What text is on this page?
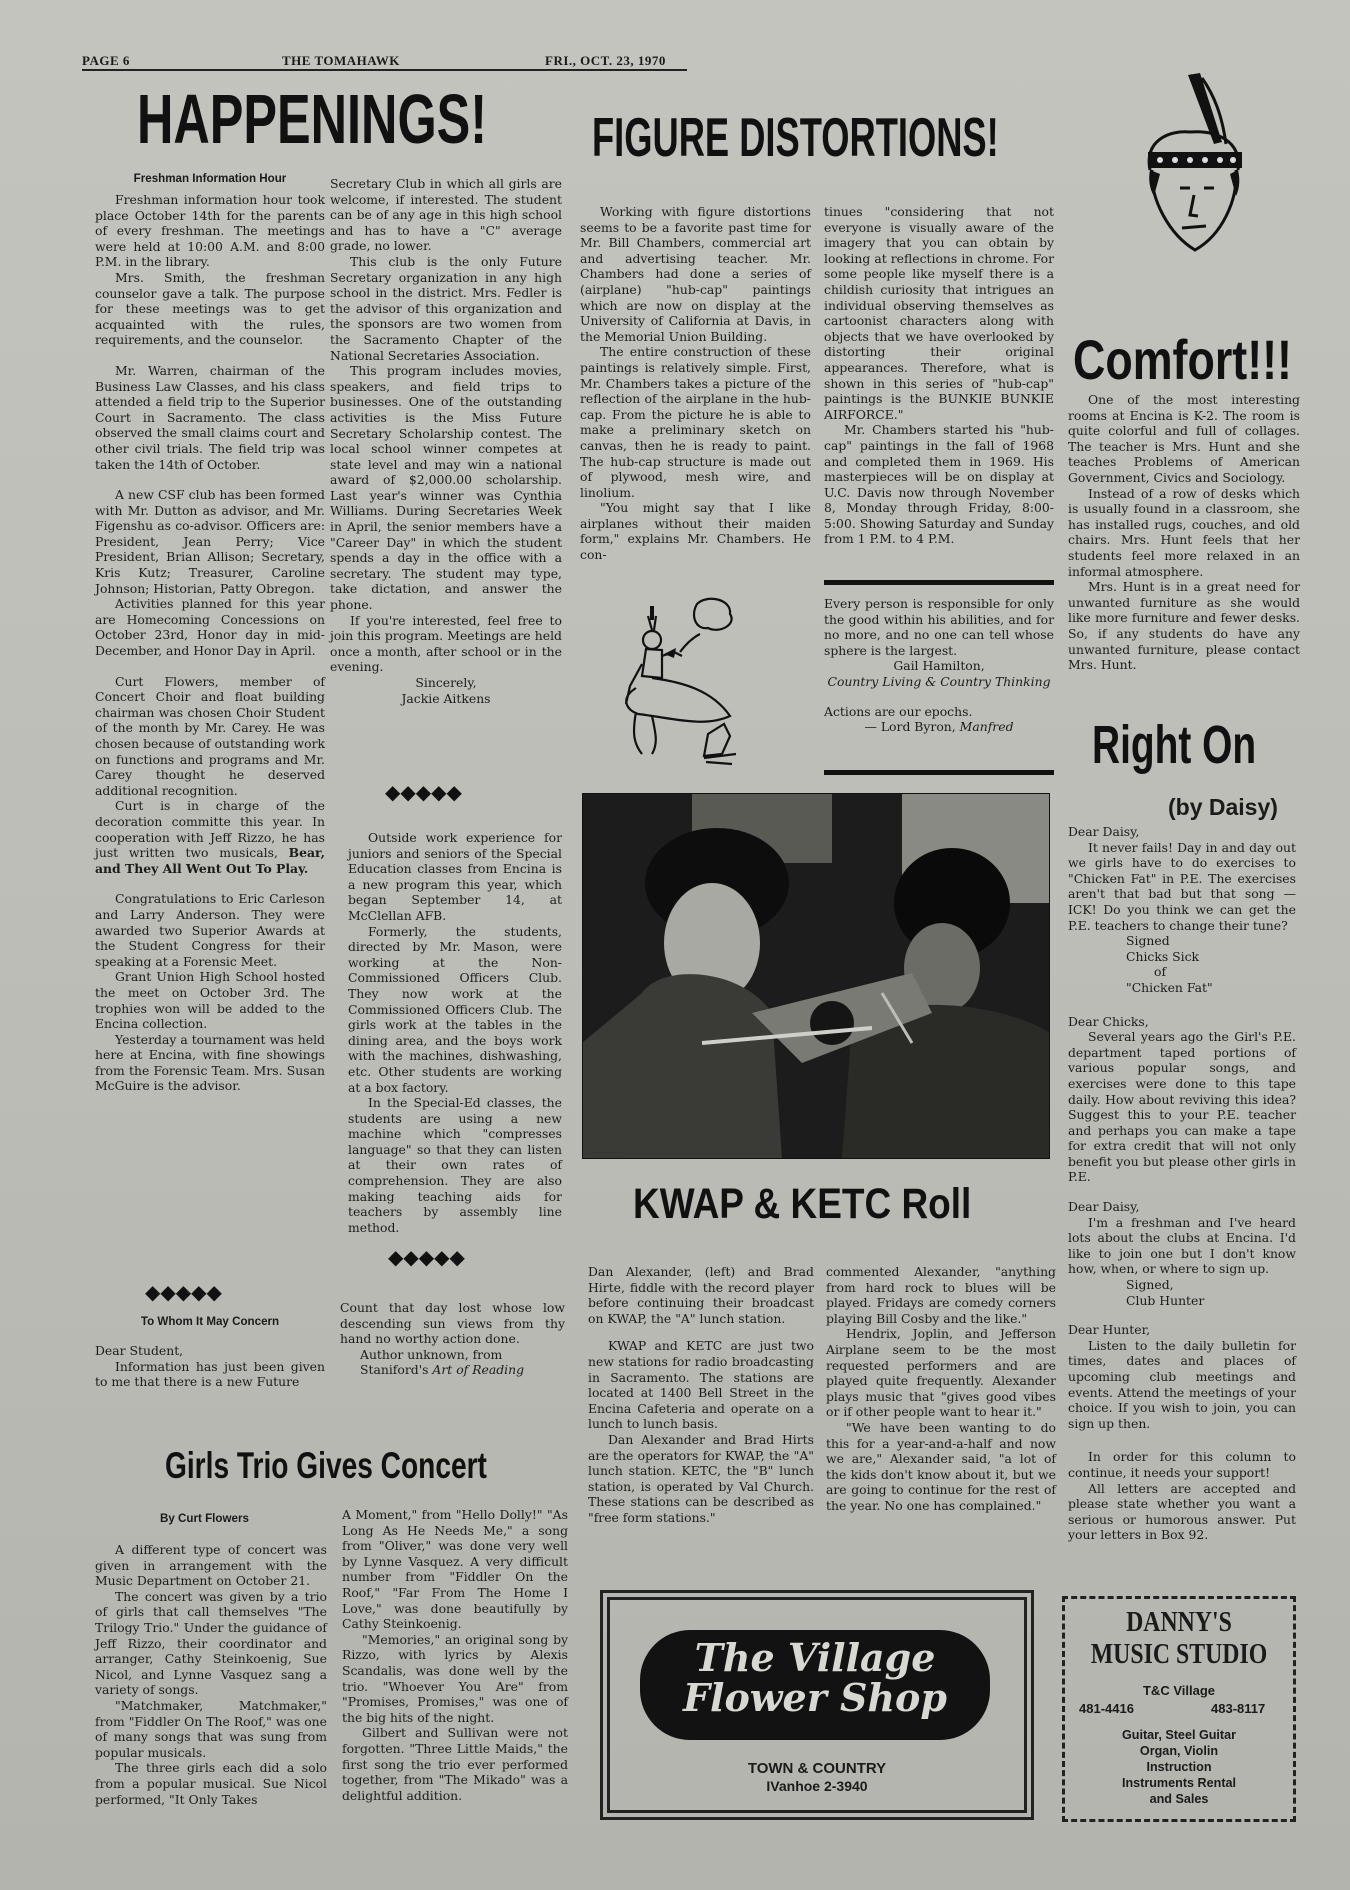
PAGE 6	THE TOMAHAWK	FRI., OCT. 23, 1970
HAPPENINGS!
Freshman Information Hour

Freshman information hour took place October 14th for the parents of every freshman. The meetings were held at 10:00 A.M. and 8:00 P.M. in the library.

Mrs. Smith, the freshman counselor gave a talk. The purpose for these meetings was to get acquainted with the rules, requirements, and the counselor.

Mr. Warren, chairman of the Business Law Classes, and his class attended a field trip to the Superior Court in Sacramento. The class observed the small claims court and other civil trials. The field trip was taken the 14th of October.

A new CSF club has been formed with Mr. Dutton as advisor, and Mr. Figenshu as co-advisor. Officers are: President, Jean Perry; Vice President, Brian Allison; Secretary, Kris Kutz; Treasurer, Caroline Johnson; Historian, Patty Obregon.

Activities planned for this year are Homecoming Concessions on October 23rd, Honor day in mid-December, and Honor Day in April.

Curt Flowers, member of Concert Choir and float building chairman was chosen Choir Student of the month by Mr. Carey. He was chosen because of outstanding work on functions and programs and Mr. Carey thought he deserved additional recognition.

Curt is in charge of the decoration committe this year. In cooperation with Jeff Rizzo, he has just written two musicals, Bear, and They All Went Out To Play.

Congratulations to Eric Carleson and Larry Anderson. They were awarded two Superior Awards at the Student Congress for their speaking at a Forensic Meet.

Grant Union High School hosted the meet on October 3rd. The trophies won will be added to the Encina collection.

Yesterday a tournament was held here at Encina, with fine showings from the Forensic Team. Mrs. Susan McGuire is the advisor.

◆◆◆◆◆
To Whom It May Concern

Dear Student,

Information has just been given to me that there is a new Future

Secretary Club in which all girls are welcome, if interested. The student can be of any age in this high school and has to have a "C" average grade, no lower.

This club is the only Future Secretary organization in any high school in the district. Mrs. Fedler is the advisor of this organization and the sponsors are two women from the Sacramento Chapter of the National Secretaries Association.

This program includes movies, speakers, and field trips to businesses. One of the outstanding activities is the Miss Future Secretary Scholarship contest. The local school winner competes at state level and may win a national award of $2,000.00 scholarship. Last year's winner was Cynthia Williams. During Secretaries Week in April, the senior members have a "Career Day" in which the student spends a day in the office with a secretary. The student may type, take dictation, and answer the phone.

If you're interested, feel free to join this program. Meetings are held once a month, after school or in the evening.

Sincerely,

Jackie Aitkens

◆◆◆◆◆

Outside work experience for juniors and seniors of the Special Education classes from Encina is a new program this year, which began September 14, at McClellan AFB.

Formerly, the students, directed by Mr. Mason, were working at the Non-Commissioned Officers Club. They now work at the Commissioned Officers Club. The girls work at the tables in the dining area, and the boys work with the machines, dishwashing, etc. Other students are working at a box factory.

In the Special-Ed classes, the students are using a new machine which "compresses language" so that they can listen at their own rates of comprehension. They are also making teaching aids for teachers by assembly line method.

◆◆◆◆◆

Count that day lost whose low descending sun views from thy hand no worthy action done.

Author unknown, from

Staniford's Art of Reading

Girls Trio Gives Concert
By Curt Flowers

A different type of concert was given in arrangement with the Music Department on October 21.

The concert was given by a trio of girls that call themselves "The Trilogy Trio." Under the guidance of Jeff Rizzo, their coordinator and arranger, Cathy Steinkoenig, Sue Nicol, and Lynne Vasquez sang a variety of songs.

"Matchmaker, Matchmaker," from "Fiddler On The Roof," was one of many songs that was sung from popular musicals.

The three girls each did a solo from a popular musical. Sue Nicol performed, "It Only Takes

A Moment," from "Hello Dolly!" "As Long As He Needs Me," a song from "Oliver," was done very well by Lynne Vasquez. A very difficult number from "Fiddler On the Roof," "Far From The Home I Love," was done beautifully by Cathy Steinkoenig.

"Memories," an original song by Rizzo, with lyrics by Alexis Scandalis, was done well by the trio. "Whoever You Are" from "Promises, Promises," was one of the big hits of the night.

Gilbert and Sullivan were not forgotten. "Three Little Maids," the first song the trio ever performed together, from "The Mikado" was a delightful addition.

FIGURE DISTORTIONS!

Working with figure distortions seems to be a favorite past time for Mr. Bill Chambers, commercial art and advertising teacher. Mr. Chambers had done a series of (airplane) "hub-cap" paintings which are now on display at the University of California at Davis, in the Memorial Union Building.

The entire construction of these paintings is relatively simple. First, Mr. Chambers takes a picture of the reflection of the airplane in the hub-cap. From the picture he is able to make a preliminary sketch on canvas, then he is ready to paint. The hub-cap structure is made out of plywood, mesh wire, and linolium.

"You might say that I like airplanes without their maiden form," explains Mr. Chambers. He con-

tinues "considering that not everyone is visually aware of the imagery that you can obtain by looking at reflections in chrome. For some people like myself there is a childish curiosity that intrigues an individual observing themselves as cartoonist characters along with objects that we have overlooked by distorting their original appearances. Therefore, what is shown in this series of "hub-cap" paintings is the BUNKIE BUNKIE AIRFORCE."

Mr. Chambers started his "hub-cap" paintings in the fall of 1968 and completed them in 1969. His masterpieces will be on display at U.C. Davis now through November 8, Monday through Friday, 8:00-5:00. Showing Saturday and Sunday from 1 P.M. to 4 P.M.

Every person is responsible for only the good within his abilities, and for no more, and no one can tell whose sphere is the largest.

Gail Hamilton,

Country Living & Country Thinking

Actions are our epochs.

— Lord Byron, Manfred

Dan Alexander and Brad Hirte at the KWAP record player
KWAP & KETC Roll

Dan Alexander, (left) and Brad Hirte, fiddle with the record player before continuing their broadcast on KWAP, the "A" lunch station.

KWAP and KETC are just two new stations for radio broadcasting in Sacramento. The stations are located at 1400 Bell Street in the Encina Cafeteria and operate on a lunch to lunch basis.

Dan Alexander and Brad Hirts are the operators for KWAP, the "A" lunch station. KETC, the "B" lunch station, is operated by Val Church. These stations can be described as "free form stations."

commented Alexander, "anything from hard rock to blues will be played. Fridays are comedy corners playing Bill Cosby and the like."

Hendrix, Joplin, and Jefferson Airplane seem to be the most requested performers and are played quite frequently. Alexander plays music that "gives good vibes or if other people want to hear it."

"We have been wanting to do this for a year-and-a-half and now we are," Alexander said, "a lot of the kids don't know about it, but we are going to continue for the rest of the year. No one has complained."

The Village
Flower Shop
TOWN & COUNTRY
IVanhoe 2-3940
Comfort!!!

One of the most interesting rooms at Encina is K-2. The room is quite colorful and full of collages. The teacher is Mrs. Hunt and she teaches Problems of American Government, Civics and Sociology.

Instead of a row of desks which is usually found in a classroom, she has installed rugs, couches, and old chairs. Mrs. Hunt feels that her students feel more relaxed in an informal atmosphere.

Mrs. Hunt is in a great need for unwanted furniture as she would like more furniture and fewer desks. So, if any students do have any unwanted furniture, please contact Mrs. Hunt.

Right On
(by Daisy)

Dear Daisy,

It never fails! Day in and day out we girls have to do exercises to "Chicken Fat" in P.E. The exercises aren't that bad but that song — ICK! Do you think we can get the P.E. teachers to change their tune?

Signed

Chicks Sick

of

"Chicken Fat"

Dear Chicks,

Several years ago the Girl's P.E. department taped portions of various popular songs, and exercises were done to this tape daily. How about reviving this idea? Suggest this to your P.E. teacher and perhaps you can make a tape for extra credit that will not only benefit you but please other girls in P.E.

Dear Daisy,

I'm a freshman and I've heard lots about the clubs at Encina. I'd like to join one but I don't know how, when, or where to sign up.

Signed,

Club Hunter

Dear Hunter,

Listen to the daily bulletin for times, dates and places of upcoming club meetings and events. Attend the meetings of your choice. If you wish to join, you can sign up then.

In order for this column to continue, it needs your support!

All letters are accepted and please state whether you want a serious or humorous answer. Put your letters in Box 92.

DANNY'S
MUSIC STUDIO
T&C Village
481-4416	483-8117
Guitar, Steel Guitar
Organ, Violin
Instruction
Instruments Rental
and Sales
